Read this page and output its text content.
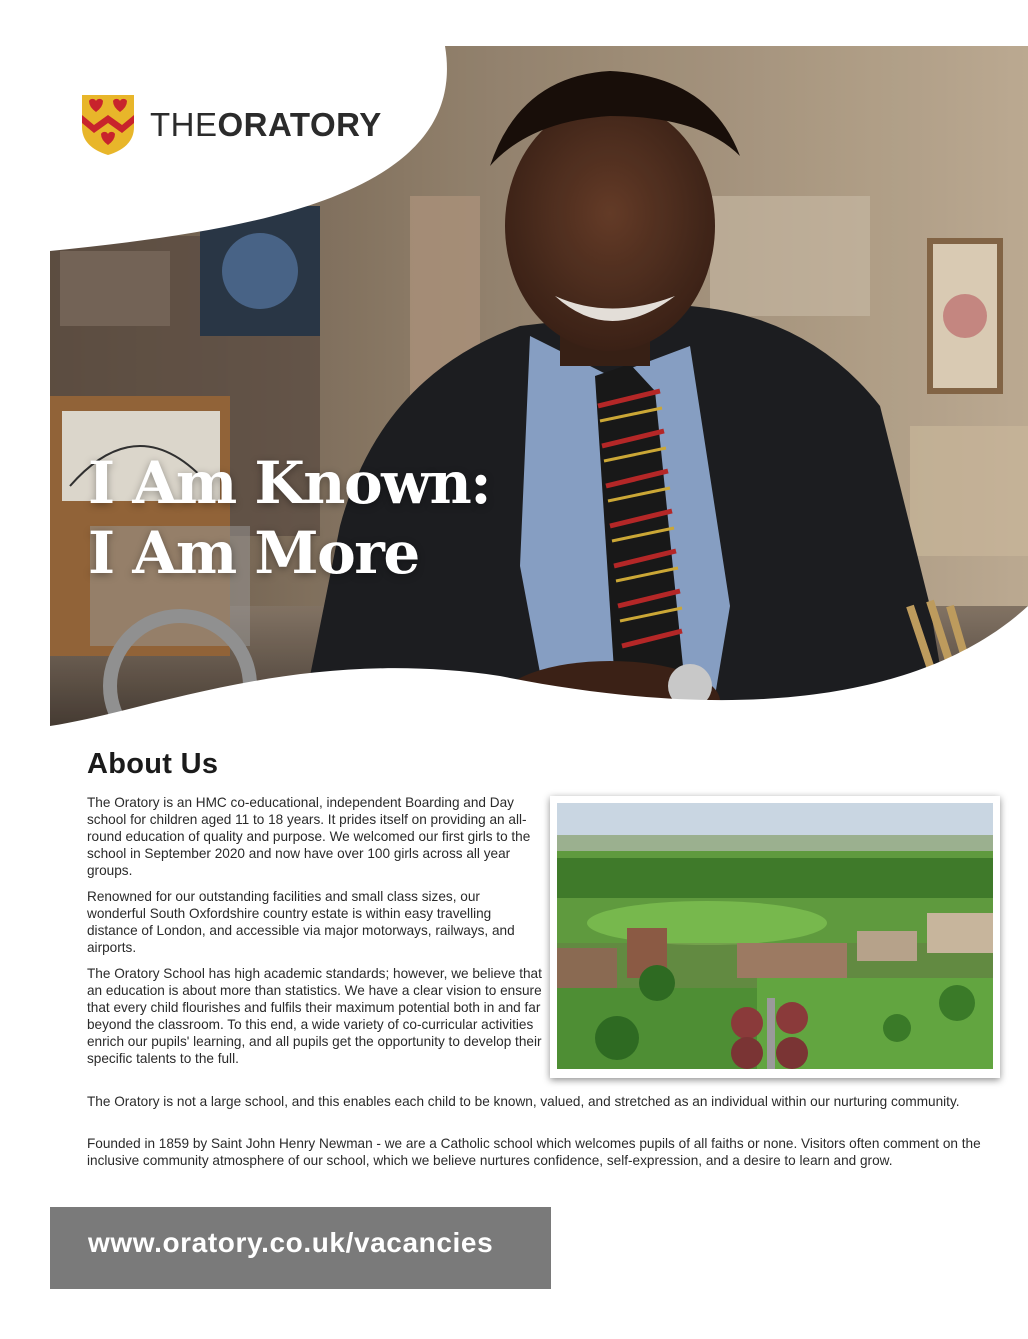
THEORATORY
I Am Known:
I Am More
About Us

The Oratory is an HMC co-educational, independent Boarding and Day school for children aged 11 to 18 years. It prides itself on providing an all-round education of quality and purpose. We welcomed our first girls to the school in September 2020 and now have over 100 girls across all year groups.

Renowned for our outstanding facilities and small class sizes, our wonderful South Oxfordshire country estate is within easy travelling distance of London, and accessible via major motorways, railways, and airports.

The Oratory School has high academic standards; however, we believe that an education is about more than statistics. We have a clear vision to ensure that every child flourishes and fulfils their maximum potential both in and far beyond the classroom. To this end, a wide variety of co-curricular activities enrich our pupils' learning, and all pupils get the opportunity to develop their specific talents to the full.

The Oratory is not a large school, and this enables each child to be known, valued, and stretched as an individual within our nurturing community.

Founded in 1859 by Saint John Henry Newman - we are a Catholic school which welcomes pupils of all faiths or none. Visitors often comment on the inclusive community atmosphere of our school, which we believe nurtures confidence, self-expression, and a desire to learn and grow.

www.oratory.co.uk/vacancies
